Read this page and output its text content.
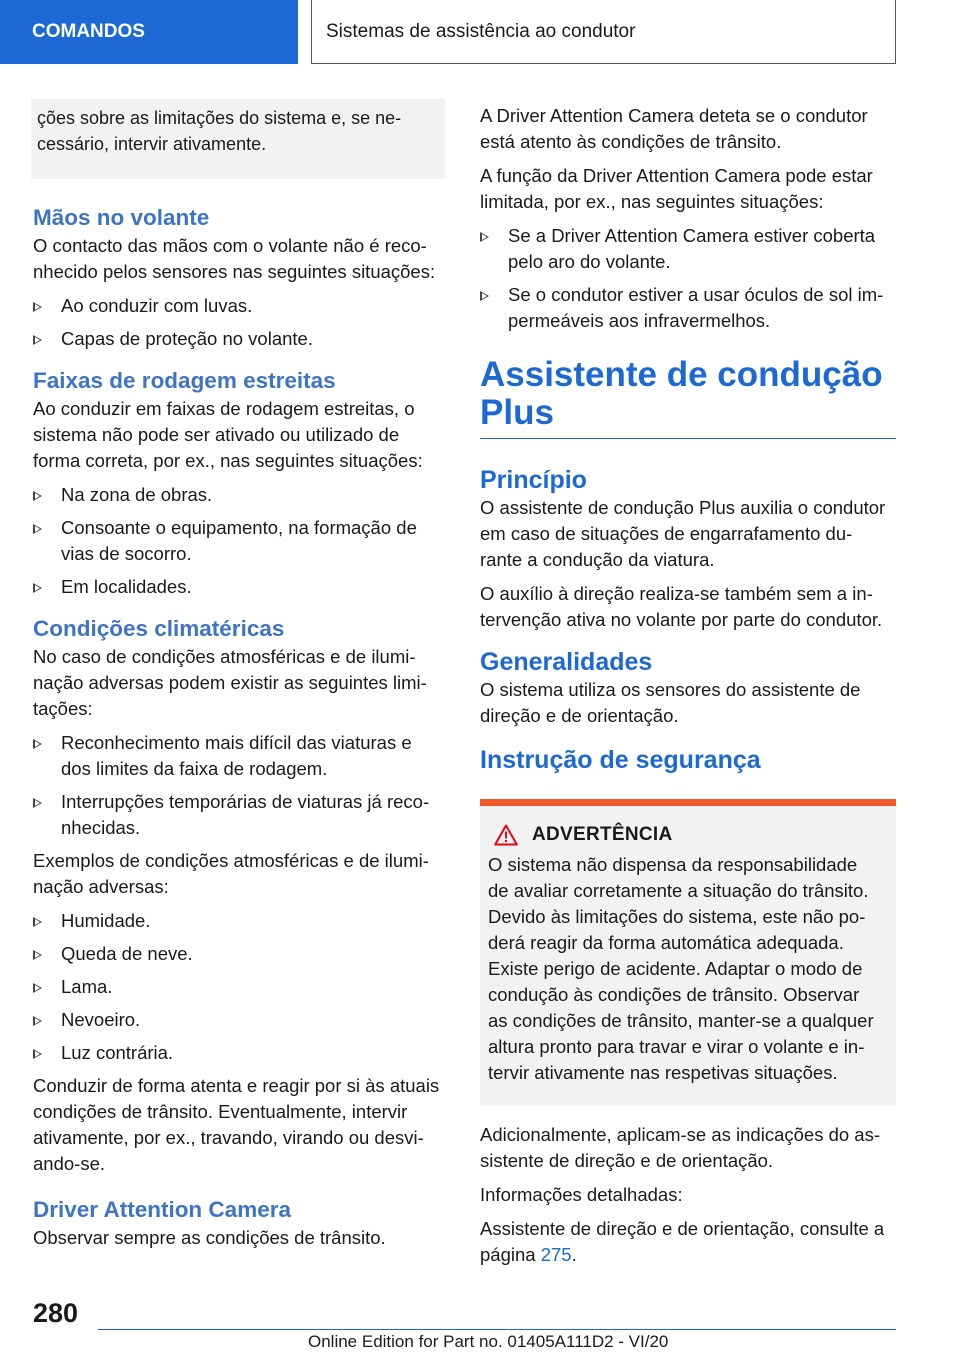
COMANDOS	Sistemas de assistência ao condutor

ções sobre as limitações do sistema e, se ne-
cessário, intervir ativamente.

Mãos no volante

O contacto das mãos com o volante não é reco-
nhecido pelos sensores nas seguintes situações:

Ao conduzir com luvas.
Capas de proteção no volante.
Faixas de rodagem estreitas

Ao conduzir em faixas de rodagem estreitas, o
sistema não pode ser ativado ou utilizado de
forma correta, por ex., nas seguintes situações:

Na zona de obras.
Consoante o equipamento, na formação de
vias de socorro.
Em localidades.
Condições climatéricas

No caso de condições atmosféricas e de ilumi-
nação adversas podem existir as seguintes limi-
tações:

Reconhecimento mais difícil das viaturas e
dos limites da faixa de rodagem.
Interrupções temporárias de viaturas já reco-
nhecidas.

Exemplos de condições atmosféricas e de ilumi-
nação adversas:

Humidade.
Queda de neve.
Lama.
Nevoeiro.
Luz contrária.

Conduzir de forma atenta e reagir por si às atuais
condições de trânsito. Eventualmente, intervir
ativamente, por ex., travando, virando ou desvi-
ando-se.

Driver Attention Camera

Observar sempre as condições de trânsito.

A Driver Attention Camera deteta se o condutor
está atento às condições de trânsito.

A função da Driver Attention Camera pode estar
limitada, por ex., nas seguintes situações:

Se a Driver Attention Camera estiver coberta
pelo aro do volante.
Se o condutor estiver a usar óculos de sol im-
permeáveis aos infravermelhos.
Assistente de condução
Plus
Princípio

O assistente de condução Plus auxilia o condutor
em caso de situações de engarrafamento du-
rante a condução da viatura.

O auxílio à direção realiza-se também sem a in-
tervenção ativa no volante por parte do condutor.

Generalidades

O sistema utiliza os sensores do assistente de
direção e de orientação.

Instrução de segurança
ADVERTÊNCIA

O sistema não dispensa da responsabilidade
de avaliar corretamente a situação do trânsito.
Devido às limitações do sistema, este não po-
derá reagir da forma automática adequada.
Existe perigo de acidente. Adaptar o modo de
condução às condições de trânsito. Observar
as condições de trânsito, manter-se a qualquer
altura pronto para travar e virar o volante e in-
tervir ativamente nas respetivas situações.

Adicionalmente, aplicam-se as indicações do as-
sistente de direção e de orientação.

Informações detalhadas:

Assistente de direção e de orientação, consulte a
página 275.

280
Online Edition for Part no. 01405A111D2 - VI/20
